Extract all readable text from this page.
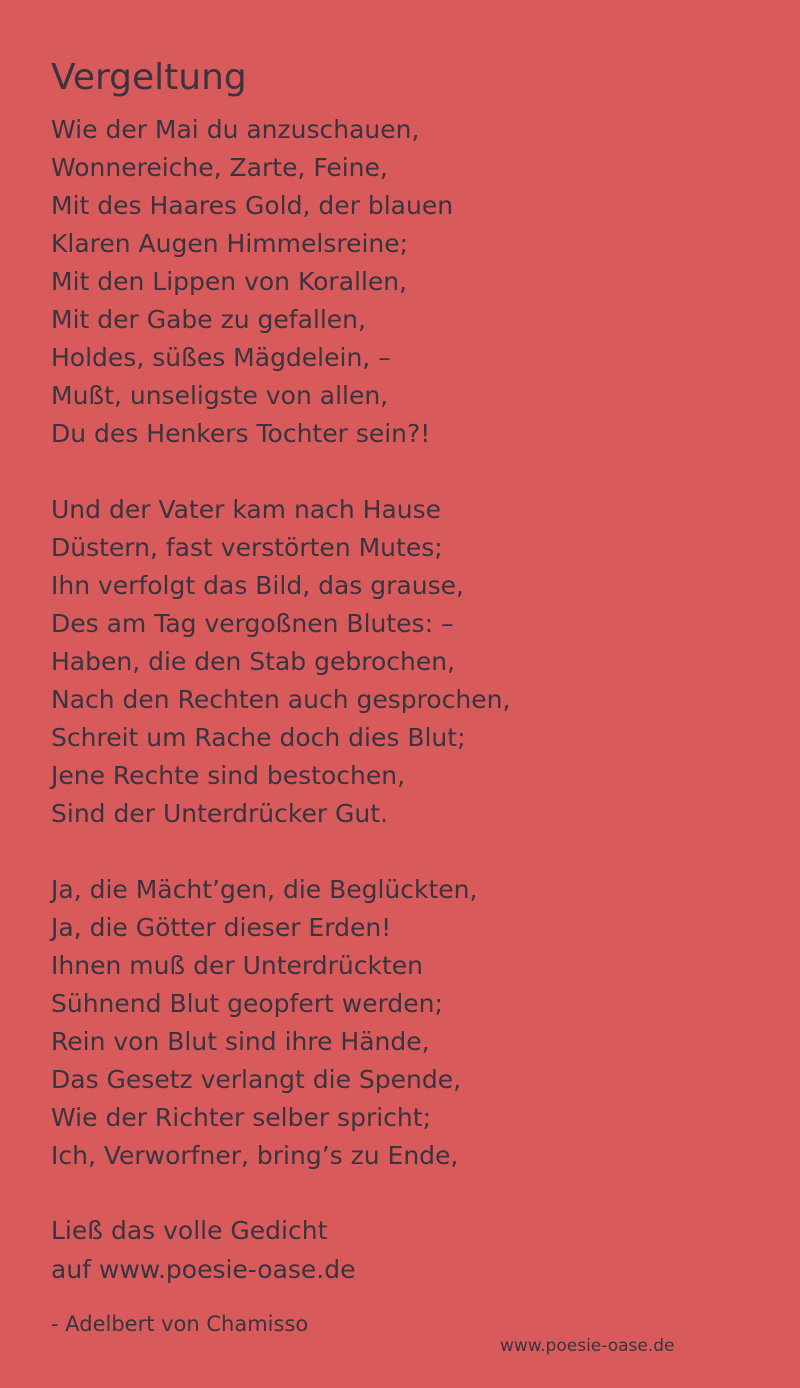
Vergeltung
Wie der Mai du anzuschauen,
Wonnereiche, Zarte, Feine,
Mit des Haares Gold, der blauen
Klaren Augen Himmelsreine;
Mit den Lippen von Korallen,
Mit der Gabe zu gefallen,
Holdes, süßes Mägdelein, –
Mußt, unseligste von allen,
Du des Henkers Tochter sein?!
Und der Vater kam nach Hause
Düstern, fast verstörten Mutes;
Ihn verfolgt das Bild, das grause,
Des am Tag vergoßnen Blutes: –
Haben, die den Stab gebrochen,
Nach den Rechten auch gesprochen,
Schreit um Rache doch dies Blut;
Jene Rechte sind bestochen,
Sind der Unterdrücker Gut.
Ja, die Mächt’gen, die Beglückten,
Ja, die Götter dieser Erden!
Ihnen muß der Unterdrückten
Sühnend Blut geopfert werden;
Rein von Blut sind ihre Hände,
Das Gesetz verlangt die Spende,
Wie der Richter selber spricht;
Ich, Verworfner, bring’s zu Ende,
Ließ das volle Gedicht
auf www.poesie-oase.de
- Adelbert von Chamisso
www.poesie-oase.de
